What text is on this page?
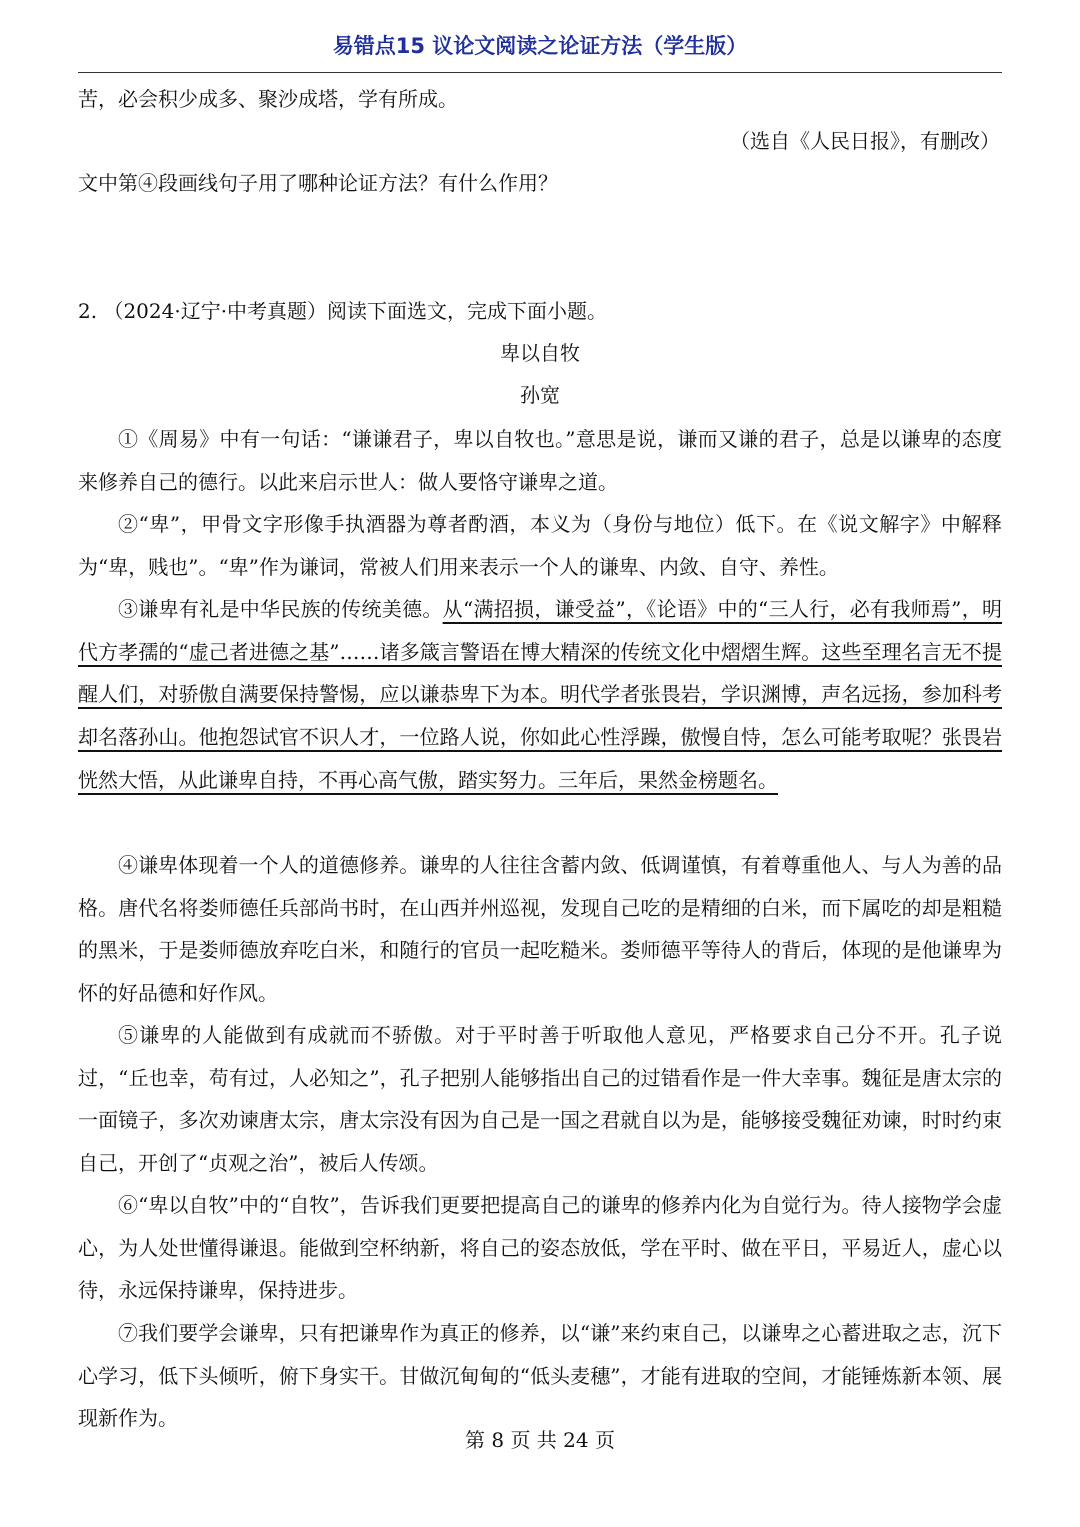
易错点15 议论文阅读之论证方法（学生版）
苦，必会积少成多、聚沙成塔，学有所成。
（选自《人民日报》，有删改）
文中第④段画线句子用了哪种论证方法？有什么作用？
2. （2024·辽宁·中考真题）阅读下面选文，完成下面小题。
卑以自牧
孙宽
①《周易》中有一句话：“谦谦君子，卑以自牧也。”意思是说，谦而又谦的君子，总是以谦卑的态度来修养自己的德行。以此来启示世人：做人要恪守谦卑之道。
②“卑”，甲骨文字形像手执酒器为尊者酌酒，本义为（身份与地位）低下。在《说文解字》中解释为“卑，贱也”。“卑”作为谦词，常被人们用来表示一个人的谦卑、内敛、自守、养性。
③谦卑有礼是中华民族的传统美德。从“满招损，谦受益”，《论语》中的“三人行，必有我师焉”，明代方孝孺的“虚己者进德之基”……诸多箴言警语在博大精深的传统文化中熠熠生辉。这些至理名言无不提醒人们，对骄傲自满要保持警惕，应以谦恭卑下为本。明代学者张畏岩，学识渊博，声名远扬，参加科考却名落孙山。他抱怨试官不识人才，一位路人说，你如此心性浮躁，傲慢自恃，怎么可能考取呢？张畏岩恍然大悟，从此谦卑自持，不再心高气傲，踏实努力。三年后，果然金榜题名。
④谦卑体现着一个人的道德修养。谦卑的人往往含蓄内敛、低调谨慎，有着尊重他人、与人为善的品格。唐代名将娄师德任兵部尚书时，在山西并州巡视，发现自己吃的是精细的白米，而下属吃的却是粗糙的黑米，于是娄师德放弃吃白米，和随行的官员一起吃糙米。娄师德平等待人的背后，体现的是他谦卑为怀的好品德和好作风。
⑤谦卑的人能做到有成就而不骄傲。对于平时善于听取他人意见，严格要求自己分不开。孔子说过，“丘也幸，苟有过，人必知之”，孔子把别人能够指出自己的过错看作是一件大幸事。魏征是唐太宗的一面镜子，多次劝谏唐太宗，唐太宗没有因为自己是一国之君就自以为是，能够接受魏征劝谏，时时约束自己，开创了“贞观之治”，被后人传颂。
⑥“卑以自牧”中的“自牧”，告诉我们更要把提高自己的谦卑的修养内化为自觉行为。待人接物学会虚心，为人处世懂得谦退。能做到空杯纳新，将自己的姿态放低，学在平时、做在平日，平易近人，虚心以待，永远保持谦卑，保持进步。
⑦我们要学会谦卑，只有把谦卑作为真正的修养，以“谦”来约束自己，以谦卑之心蓄进取之志，沉下心学习，低下头倾听，俯下身实干。甘做沉甸甸的“低头麦穗”，才能有进取的空间，才能锤炼新本领、展现新作为。
第 8 页 共 24 页
